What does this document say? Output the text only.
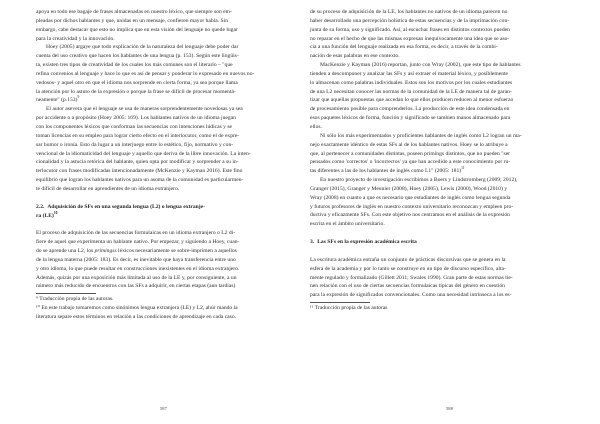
apoya en todo ese bagaje de frases almacenadas en nuestro léxico, que siempre son em-

pleadas por dichos hablantes y que, unidas en un mensaje, confieren mayor habla. Sin

embargo, cabe destacar que esto no implica que en esta visión del lenguaje no quede lugar

para la creatividad y la innovación.

Hoey (2005) argaye que todo explicación de la naturaleza del lenguaje debe poder dar

cuenta del uso creativo que hacen los hablantes de una lengua (p. 153). Según este lingüis-

ta, existen tres tipos de creatividad de los cuales los más comunes son el literario – "que

refina convenios al lenguaje y hace lo que es así de pensar y ponderar lo expresado en nuevos no-

vedosos- y aquel otro en que el idioma nos sorprende en cierta forma, ya sea porque llama

la atención por lo astuto de la expresión o porque la frase se difícil de procesar momentá-

neamente" $(p.153)^9$

El autor asevera que el lenguaje se usa de maneras sorprendentemente novedosas ya sea

por accidente o a propósito (Hoey 2005: 169). Los hablantes nativos de un idioma juegan

con los componentes léxicos que conforman las secuencias con intenciones lúdicas y se

toman licencias en su empleo para lograr cierto efecto en el interlocutor, como el de expre-

sar humor o ironía. Esto da lugar a un interjuego entre lo estético, fijo, normativo y con-

vencional de la idiomaticidad del lenguaje y aquello que deriva de la libre innovación. La inten-

cionalidad y la astucia retórica del hablante, quien opta por modificar y sorprender a su in-

terlocutor con frases modificadas intencionadamente (McKenzie y Kayman 2016). Este fino

equilibrio que logran los hablantes nativos para un asoma de la comunidad es particularmen-

te difícil de desarrollar en aprendientes de un idioma extranjero.

2.2. Adquisición de SFs en una segunda lengua (L2) o lengua extranje-

ra (LE)$^{10}$

El proceso de adquisición de las secuencias formulaicas en un idioma extranjero o L2 di-

fiere de aquel que experimenta un hablante nativo. Por empezar, y siguiendo a Hoey, cuan-

do se aprende una L2, los primingss léxicos necesariamente se sobre-imprimen a aquellos

de la lengua materna (2005: 183). Es decir, es inevitable que haya transferencia entre uno

y otro idioma, lo que puede resultar en construcciones inexistentes en el idioma extranjero.

Además, quizás por una exposición más limitada al uso de la LE y, por consiguiente, a un

número más reducido de encuentros con las SFs a adquirir, en ciertas etapas (aun tardías)

⁹ Traducción propia de las autoras.

¹⁰ En este trabajo tomaremos como sinónimos lengua extranjera (LE) y L2, ahúr mando la

literatura separe estos términos en relación a las condiciones de aprendizaje en cada caso.

587

de su proceso de adquisición de la LE, los hablantes no nativos de un idioma parecen no

haber desarrollado una percepción holística de estas secuencias y de la imprimación con-

junta de su forma, uso y significado. Así, al escuchar frases en distintos contextos pueden

no reparar en el hecho de que las mismas expresan inequívocamente una idea que se aso-

cia a una función del lenguaje realizada en esa forma, es decir, a través de la combi-

nación de esas palabras en ese contexto.

MacKenzie y Kayman (2016) reportan, junto con Wray (2002), que este tipo de hablantes

tienden a descomponer y analizar las SFs y así extraer el material léxico, y posiblemente

lo almacenan como palabras individuales. Estos son los motivos por los cuales estudiantes

de una L2 necesitan conocer las normas de la comunidad de la LE de manera tal de garan-

tizar que aquellas propuestas que accedan lo que ellos producen reducen al menor esfuerzo

de procesamiento posible para comprenderlos. La producción de este idea condensada en

esos paquetes léxicos de forma, función y significado se tambien manos almacenado para

ellos.

Ni sólo los más experimentados y proficientes hablantes de inglés como L2 logran un ma-

nejo exactamente idéntico de estas SFs al de los hablantes nativos. Hoey se lo atribuye a

que, al pertenecer a comunidades distintas, poseen primings distintos, que no pueden "ser

pensados como 'correctos' o 'incorrectos' ya que han accedido a este conocimiento por ru-

tas diferentes a las de los hablantes de inglés como L1" (2005: 181)$^{11}$

En nuestro proyecto de investigación escribimos a Boers y Lindstromberg (2009; 2012),

Granger (2015), Granger y Meunier (2008), Hoey (2005), Lewis (2000), Wood (2010) y

Wray (2008) en cuanto a que es necesario que estudiantes de inglés como lengua segunda

y futuros profesores de inglés en nuestro contexto universitario reconozcan y empleen pro-

ductiva y eficazmente SFs. Con este objetivo nos centramos en el análisis de la expresión

escrita en el ámbito universitario.

3. Las SFs en la expresión académica escrita

La escritura académica entraña un conjunto de prácticas discursivas que se genera en la

esfera de la academia y por lo tanto se construye en un tipo de discurso específico, alta-

mente regulado y formalizado (Gillett 2011; Swales 1990). Gran parte de estas normas tie-

nen relación con el uso de ciertas secuencias formulaicas típicas del género en cuestión

para la expresión de significados convencionales. Como una necesidad intrínseca a los es-

¹¹ Traducción propia de las autoras

588
